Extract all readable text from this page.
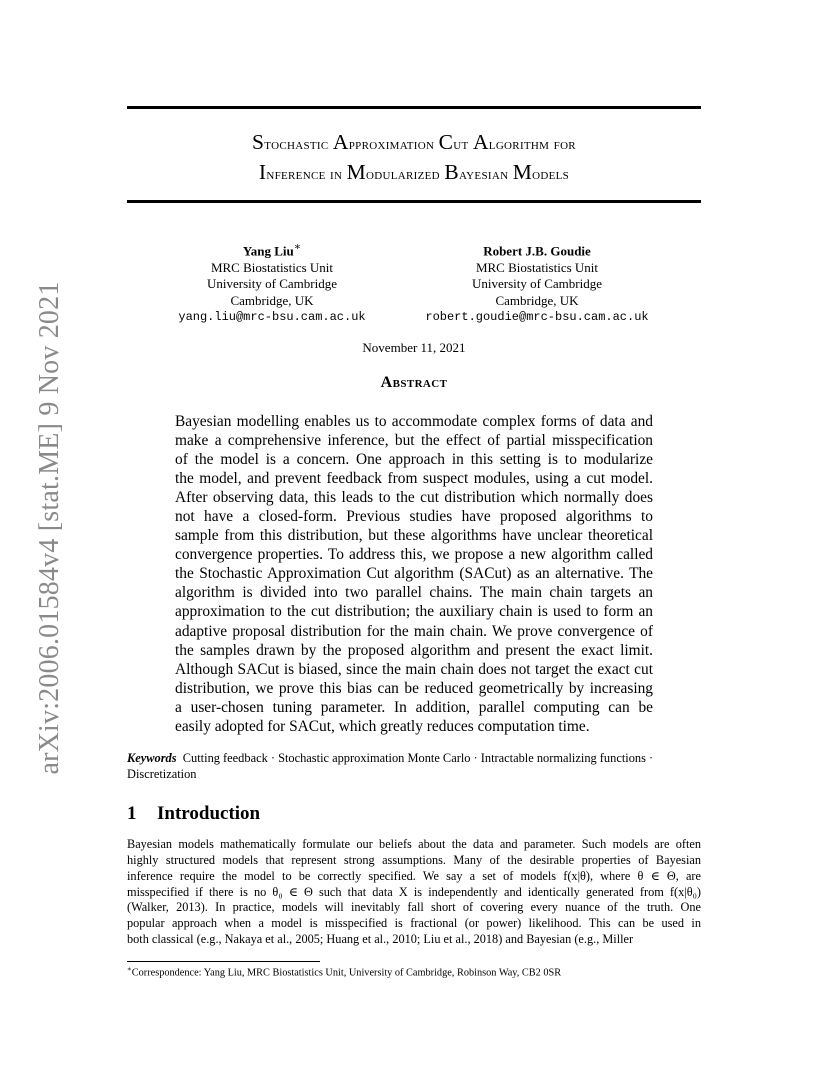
arXiv:2006.01584v4 [stat.ME] 9 Nov 2021
Stochastic Approximation Cut Algorithm for
Inference in Modularized Bayesian Models
Yang Liu∗
MRC Biostatistics Unit
University of Cambridge
Cambridge, UK
yang.liu@mrc-bsu.cam.ac.uk
Robert J.B. Goudie
MRC Biostatistics Unit
University of Cambridge
Cambridge, UK
robert.goudie@mrc-bsu.cam.ac.uk
November 11, 2021
Abstract
Bayesian modelling enables us to accommodate complex forms of data and
make a comprehensive inference, but the effect of partial misspecification
of the model is a concern. One approach in this setting is to modularize
the model, and prevent feedback from suspect modules, using a cut model.
After observing data, this leads to the cut distribution which normally does
not have a closed-form. Previous studies have proposed algorithms to
sample from this distribution, but these algorithms have unclear theoretical
convergence properties. To address this, we propose a new algorithm called
the Stochastic Approximation Cut algorithm (SACut) as an alternative. The
algorithm is divided into two parallel chains. The main chain targets an
approximation to the cut distribution; the auxiliary chain is used to form an
adaptive proposal distribution for the main chain. We prove convergence of
the samples drawn by the proposed algorithm and present the exact limit.
Although SACut is biased, since the main chain does not target the exact cut
distribution, we prove this bias can be reduced geometrically by increasing
a user-chosen tuning parameter. In addition, parallel computing can be
easily adopted for SACut, which greatly reduces computation time.
Keywords Cutting feedback · Stochastic approximation Monte Carlo · Intractable normalizing functions · Discretization
1 Introduction
Bayesian models mathematically formulate our beliefs about the data and parameter. Such models are often
highly structured models that represent strong assumptions. Many of the desirable properties of Bayesian
inference require the model to be correctly specified. We say a set of models f(x|θ), where θ ∈ Θ, are
misspecified if there is no θ₀ ∈ Θ such that data X is independently and identically generated from f(x|θ₀)
(Walker, 2013). In practice, models will inevitably fall short of covering every nuance of the truth. One
popular approach when a model is misspecified is fractional (or power) likelihood. This can be used in
both classical (e.g., Nakaya et al., 2005; Huang et al., 2010; Liu et al., 2018) and Bayesian (e.g., Miller
∗Correspondence: Yang Liu, MRC Biostatistics Unit, University of Cambridge, Robinson Way, CB2 0SR
